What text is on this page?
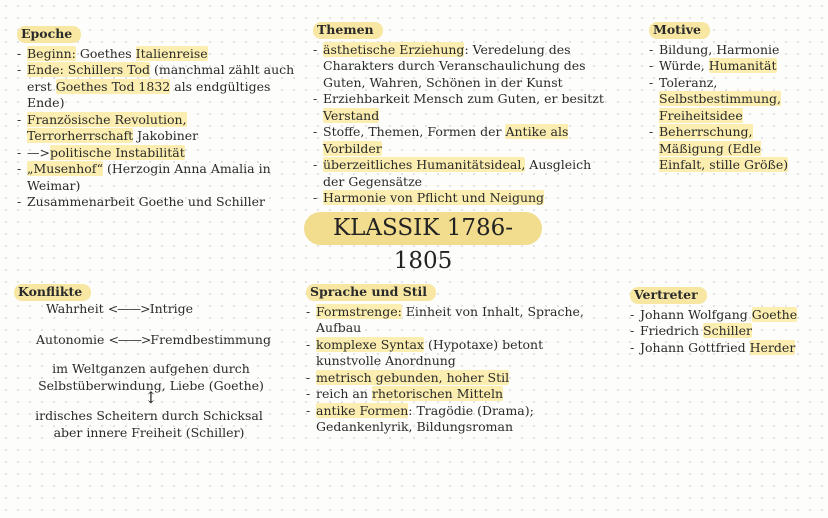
Epoche
- Beginn: Goethes Italienreise
- Ende: Schillers Tod (manchmal zählt auch erst Goethes Tod 1832 als endgültiges Ende)
- Französische Revolution, Terrorherrschaft Jakobiner
- —>politische Instabilität
- „Musenhof“ (Herzogin Anna Amalia in Weimar)
- Zusammenarbeit Goethe und Schiller
Themen
- ästhetische Erziehung: Veredelung des Charakters durch Veranschaulichung des Guten, Wahren, Schönen in der Kunst
- Erziehbarkeit Mensch zum Guten, er besitzt Verstand
- Stoffe, Themen, Formen der Antike als Vorbilder
- überzeitliches Humanitätsideal, Ausgleich der Gegensätze
- Harmonie von Pflicht und Neigung
Motive
- Bildung, Harmonie
- Würde, Humanität
- Toleranz, Selbstbestimmung, Freiheitsidee
- Beherrschung, Mäßigung (Edle Einfalt, stille Größe)
KLASSIK 1786-1805
Konflikte
Wahrheit <——> Intrige
Autonomie <——> Fremdbestimmung
im Weltganzen aufgehen durch Selbstüberwindung, Liebe (Goethe)
↕
irdisches Scheitern durch Schicksal aber innere Freiheit (Schiller)
Sprache und Stil
- Formstrenge: Einheit von Inhalt, Sprache, Aufbau
- komplexe Syntax (Hypotaxe) betont kunstvolle Anordnung
- metrisch gebunden, hoher Stil
- reich an rhetorischen Mitteln
- antike Formen: Tragödie (Drama); Gedankenlyrik, Bildungsroman
Vertreter
- Johann Wolfgang Goethe
- Friedrich Schiller
- Johann Gottfried Herder
